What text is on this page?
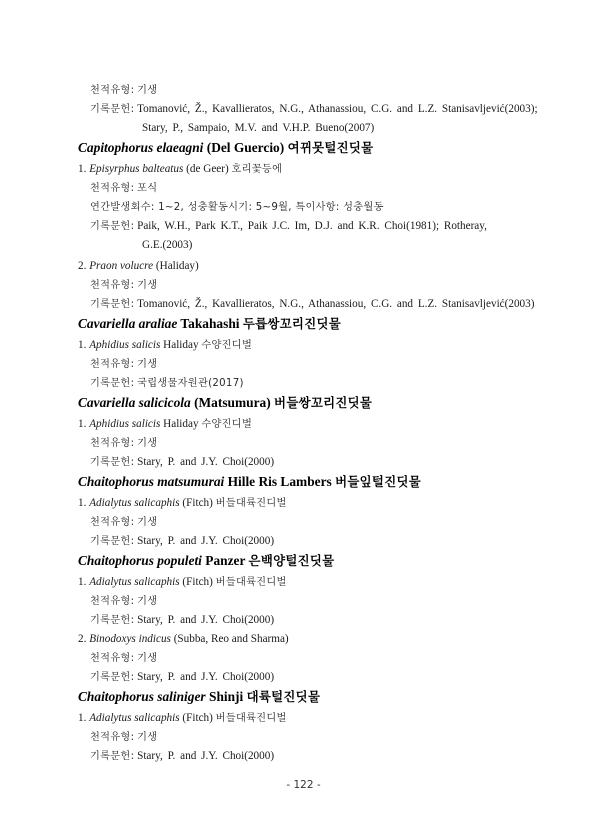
천적유형: 기생
기록문헌: Tomanović, Ž., Kavallieratos, N.G., Athanassiou, C.G. and L.Z. Stanisavljević(2003);
Stary, P., Sampaio, M.V. and V.H.P. Bueno(2007)
Capitophorus elaeagni (Del Guercio) 여뀌못털진딧물
1. Episyrphus balteatus (de Geer) 호리꽃등에
천적유형: 포식
연간발생회수: 1~2, 성충활동시기: 5~9월, 특이사항: 성충월동
기록문헌: Paik, W.H., Park K.T., Paik J.C. Im, D.J. and K.R. Choi(1981); Rotheray,
G.E.(2003)
2. Praon volucre (Haliday)
천적유형: 기생
기록문헌: Tomanović, Ž., Kavallieratos, N.G., Athanassiou, C.G. and L.Z. Stanisavljević(2003)
Cavariella araliae Takahashi 두릅쌍꼬리진딧물
1. Aphidius salicis Haliday 수양진디벌
천적유형: 기생
기록문헌: 국립생물자원관(2017)
Cavariella salicicola (Matsumura) 버들쌍꼬리진딧물
1. Aphidius salicis Haliday 수양진디벌
천적유형: 기생
기록문헌: Stary, P. and J.Y. Choi(2000)
Chaitophorus matsumurai Hille Ris Lambers 버들잎털진딧물
1. Adialytus salicaphis (Fitch) 버들대륙진디벌
천적유형: 기생
기록문헌: Stary, P. and J.Y. Choi(2000)
Chaitophorus populeti Panzer 은백양털진딧물
1. Adialytus salicaphis (Fitch) 버들대륙진디벌
천적유형: 기생
기록문헌: Stary, P. and J.Y. Choi(2000)
2. Binodoxys indicus (Subba, Reo and Sharma)
천적유형: 기생
기록문헌: Stary, P. and J.Y. Choi(2000)
Chaitophorus saliniger Shinji 대륙털진딧물
1. Adialytus salicaphis (Fitch) 버들대륙진디벌
천적유형: 기생
기록문헌: Stary, P. and J.Y. Choi(2000)
- 122 -
